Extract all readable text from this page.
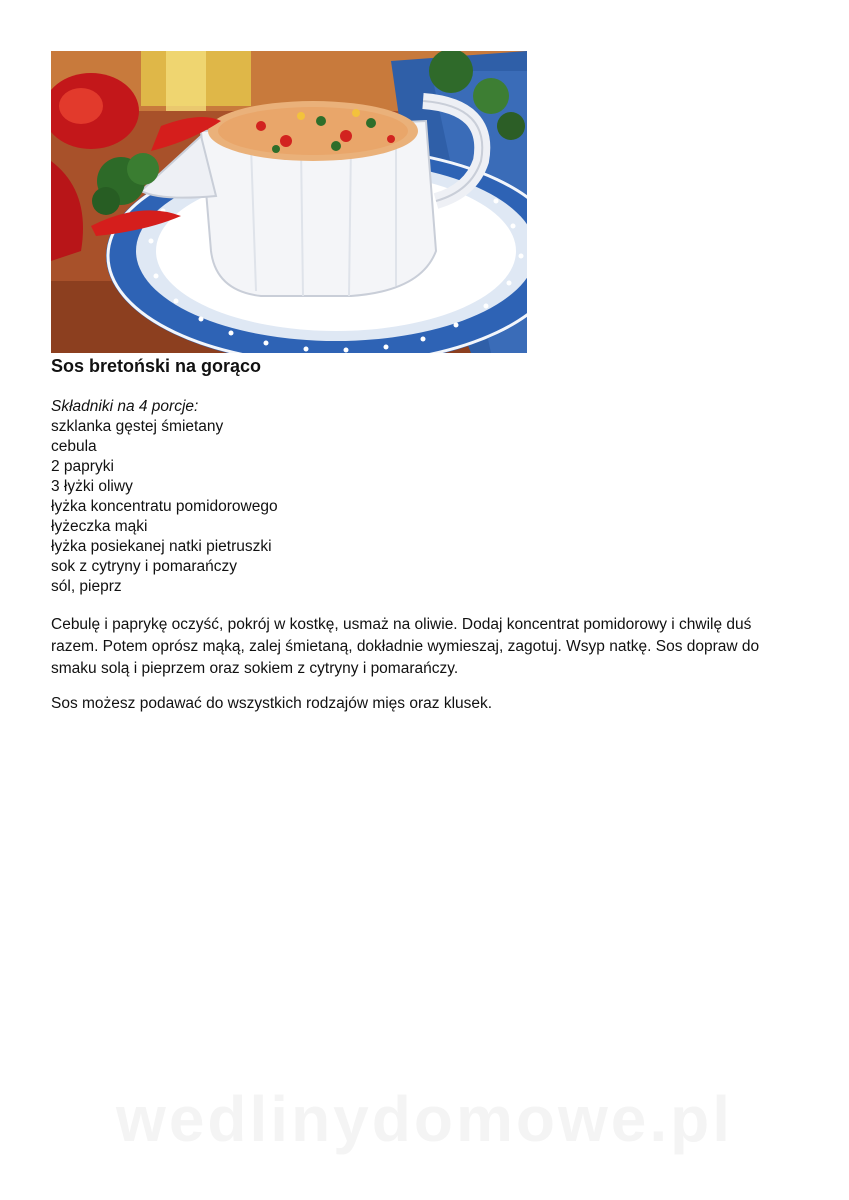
Sos bretoński na gorąco
Składniki na 4 porcje:
szklanka gęstej śmietany
cebula
2 papryki
3 łyżki oliwy
łyżka koncentratu pomidorowego
łyżeczka mąki
łyżka posiekanej natki pietruszki
sok z cytryny i pomarańczy
sól, pieprz

Cebulę i paprykę oczyść, pokrój w kostkę, usmaż na oliwie. Dodaj koncentrat pomidorowy i chwilę duś razem. Potem oprósz mąką, zalej śmietaną, dokładnie wymieszaj, zagotuj. Wsyp natkę. Sos dopraw do smaku solą i pieprzem oraz sokiem z cytryny i pomarańczy.

Sos możesz podawać do wszystkich rodzajów mięs oraz klusek.

wedlinydomowe.pl
